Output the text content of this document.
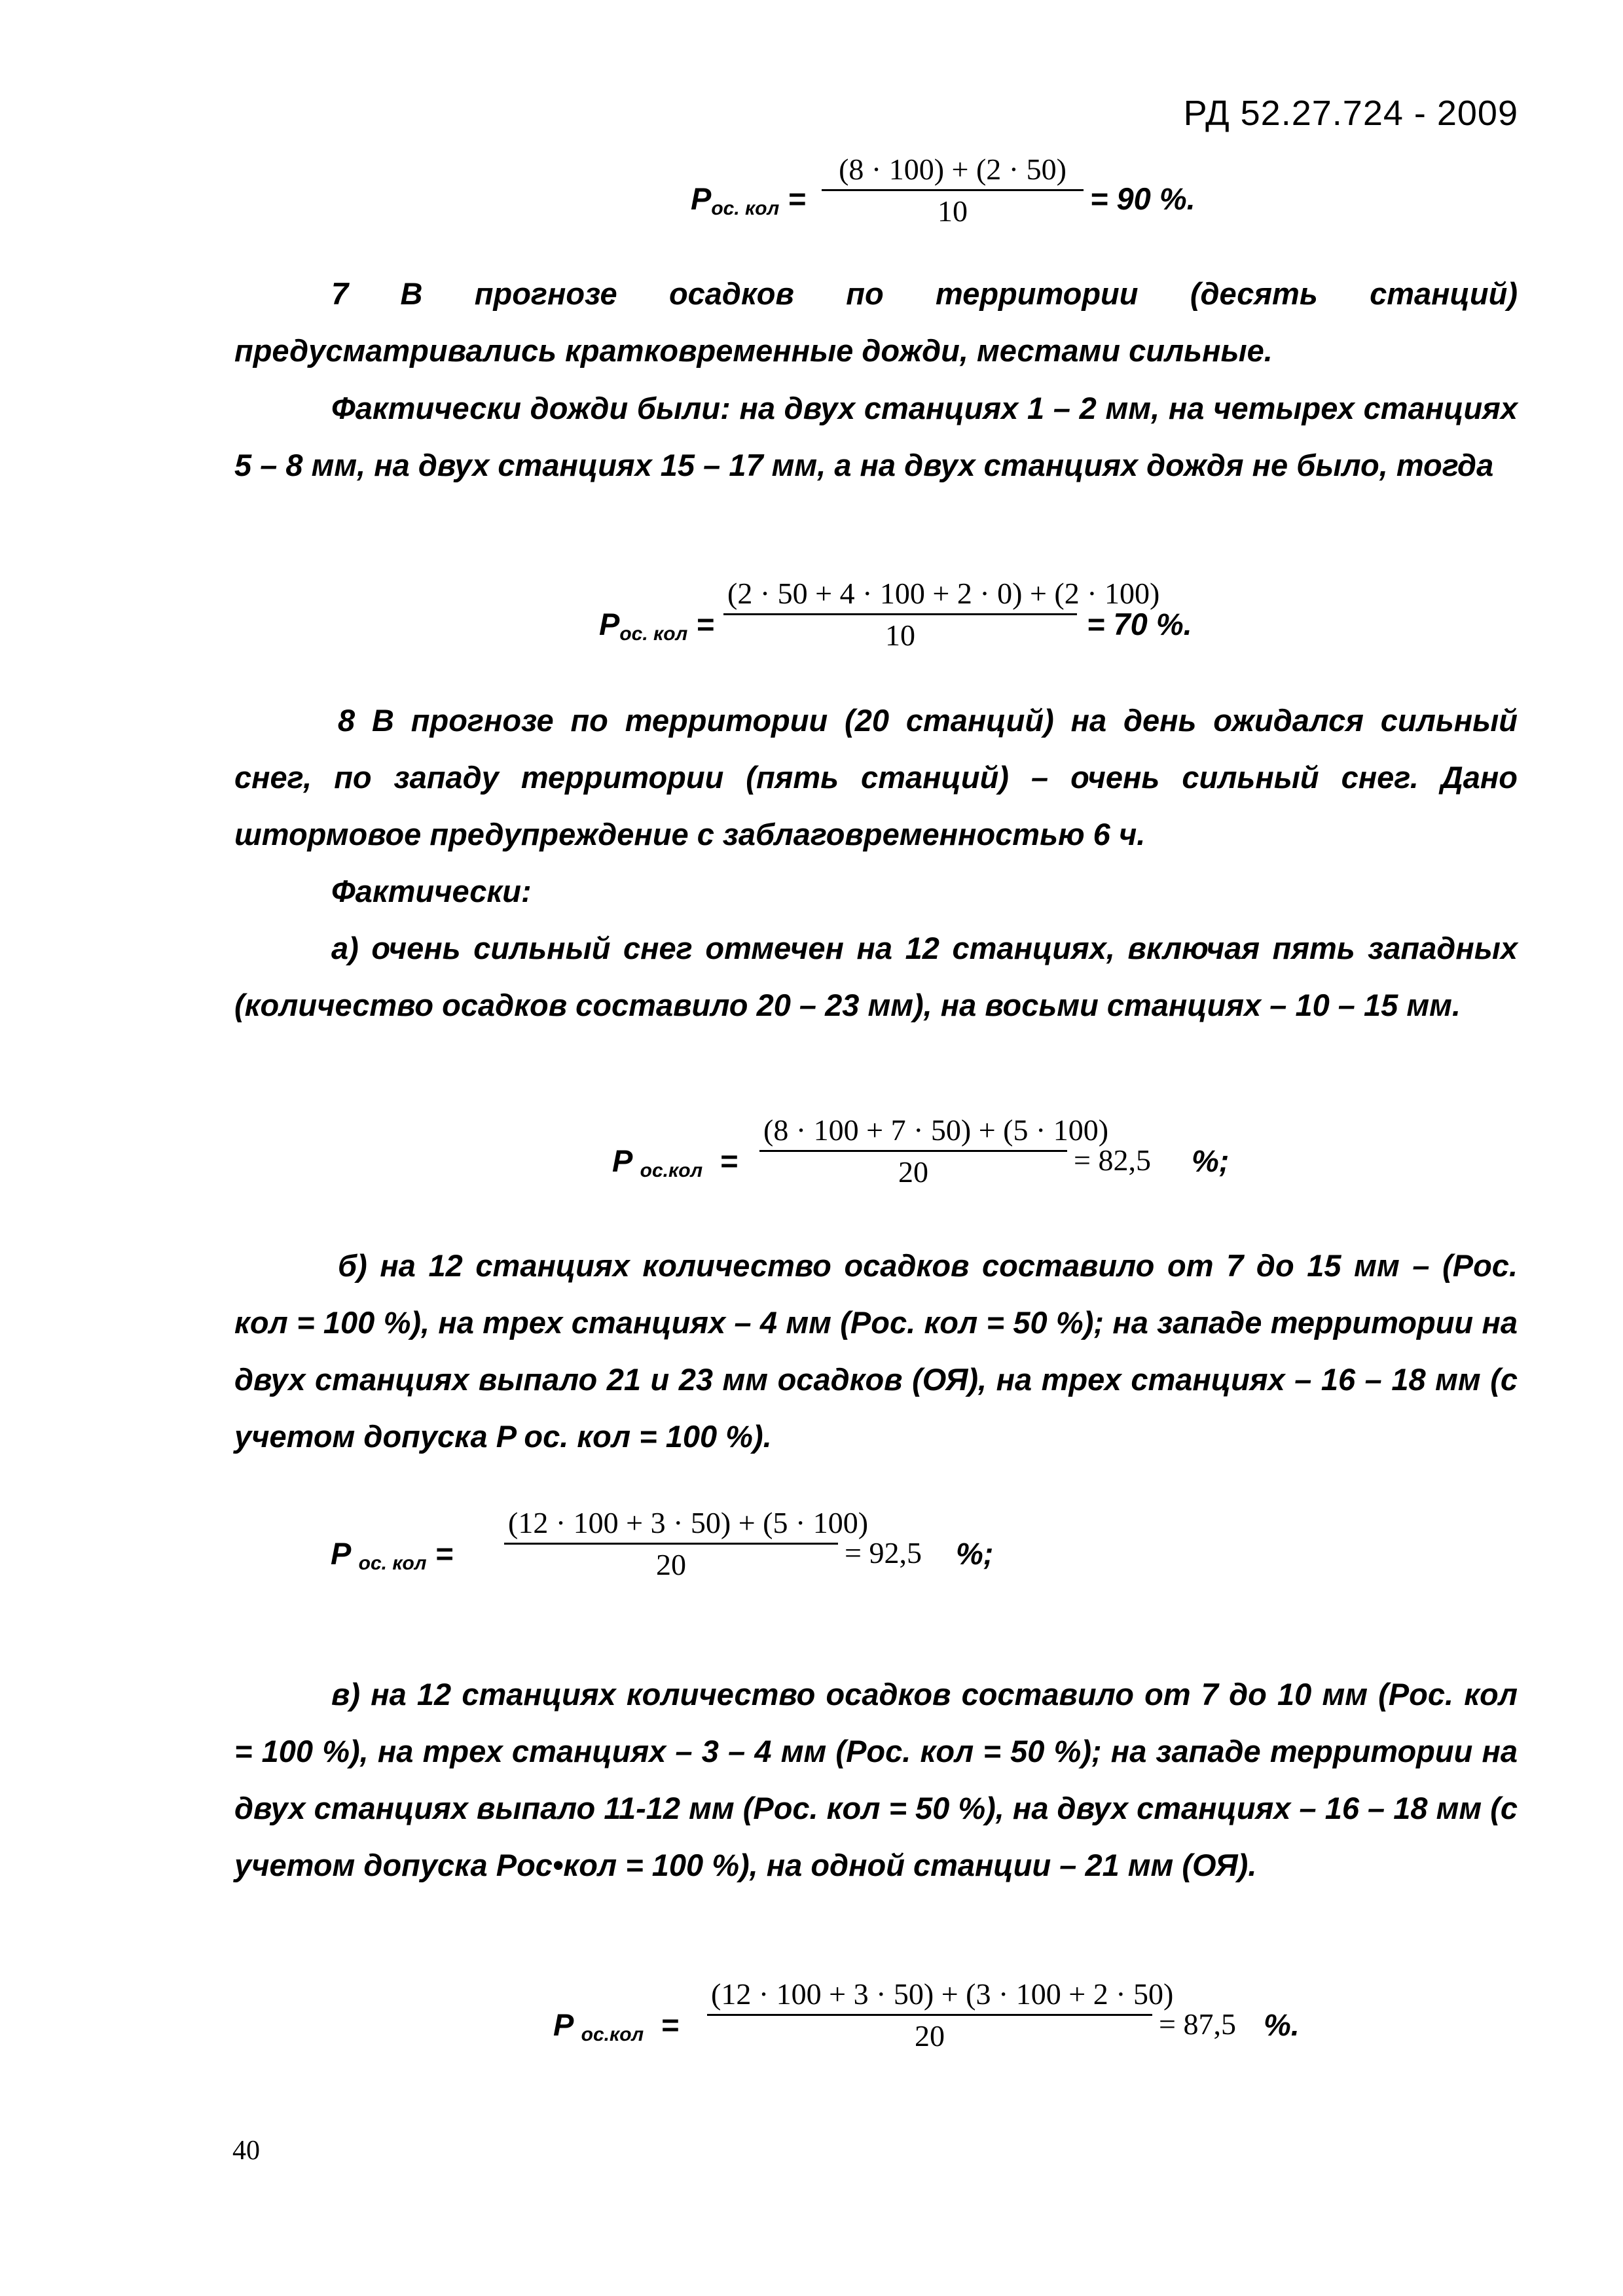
РД 52.27.724 - 2009
$P_{ос. кол}$ =
(8 · 100) + (2 · 50)
10	= 90 %.
7 В прогнозе осадков по территории (десять станций) предусматривались кратковременные дожди, местами сильные.
Фактически дожди были: на двух станциях 1 – 2 мм, на четырех станциях 5 – 8 мм, на двух станциях 15 – 17 мм, а на двух станциях дождя не было, тогда
$P_{ос. кол}$ =
(2 · 50 + 4 · 100 + 2 · 0) + (2 · 100)
10	= 70 %.
8 В прогнозе по территории (20 станций) на день ожидался сильный снег, по западу территории (пять станций) – очень сильный снег. Дано штормовое предупреждение с заблаговременностью 6 ч.
Фактически:
а) очень сильный снег отмечен на 12 станциях, включая пять западных (количество осадков составило 20 – 23 мм), на восьми станциях – 10 – 15 мм.
P $_{ос.кол}$ =
(8 · 100 + 7 · 50) + (5 · 100)
20	= 82,5 %;
б) на 12 станциях количество осадков составило от 7 до 15 мм – (Pос. кол = 100 %), на трех станциях – 4 мм (Pос. кол = 50 %); на западе территории на двух станциях выпало 21 и 23 мм осадков (ОЯ), на трех станциях – 16 – 18 мм (с учетом допуска P ос. кол = 100 %).
P $_{ос. кол}$ =
(12 · 100 + 3 · 50) + (5 · 100)
20	= 92,5 %;
в) на 12 станциях количество осадков составило от 7 до 10 мм (Pос. кол = 100 %), на трех станциях – 3 – 4 мм (Pос. кол = 50 %); на западе территории на двух станциях выпало 11-12 мм (Pос. кол = 50 %), на двух станциях – 16 – 18 мм (с учетом допуска Pос•кол = 100 %), на одной станции – 21 мм (ОЯ).
P $_{ос.кол}$ =
(12 · 100 + 3 · 50) + (3 · 100 + 2 · 50)
20	= 87,5 %.
40
